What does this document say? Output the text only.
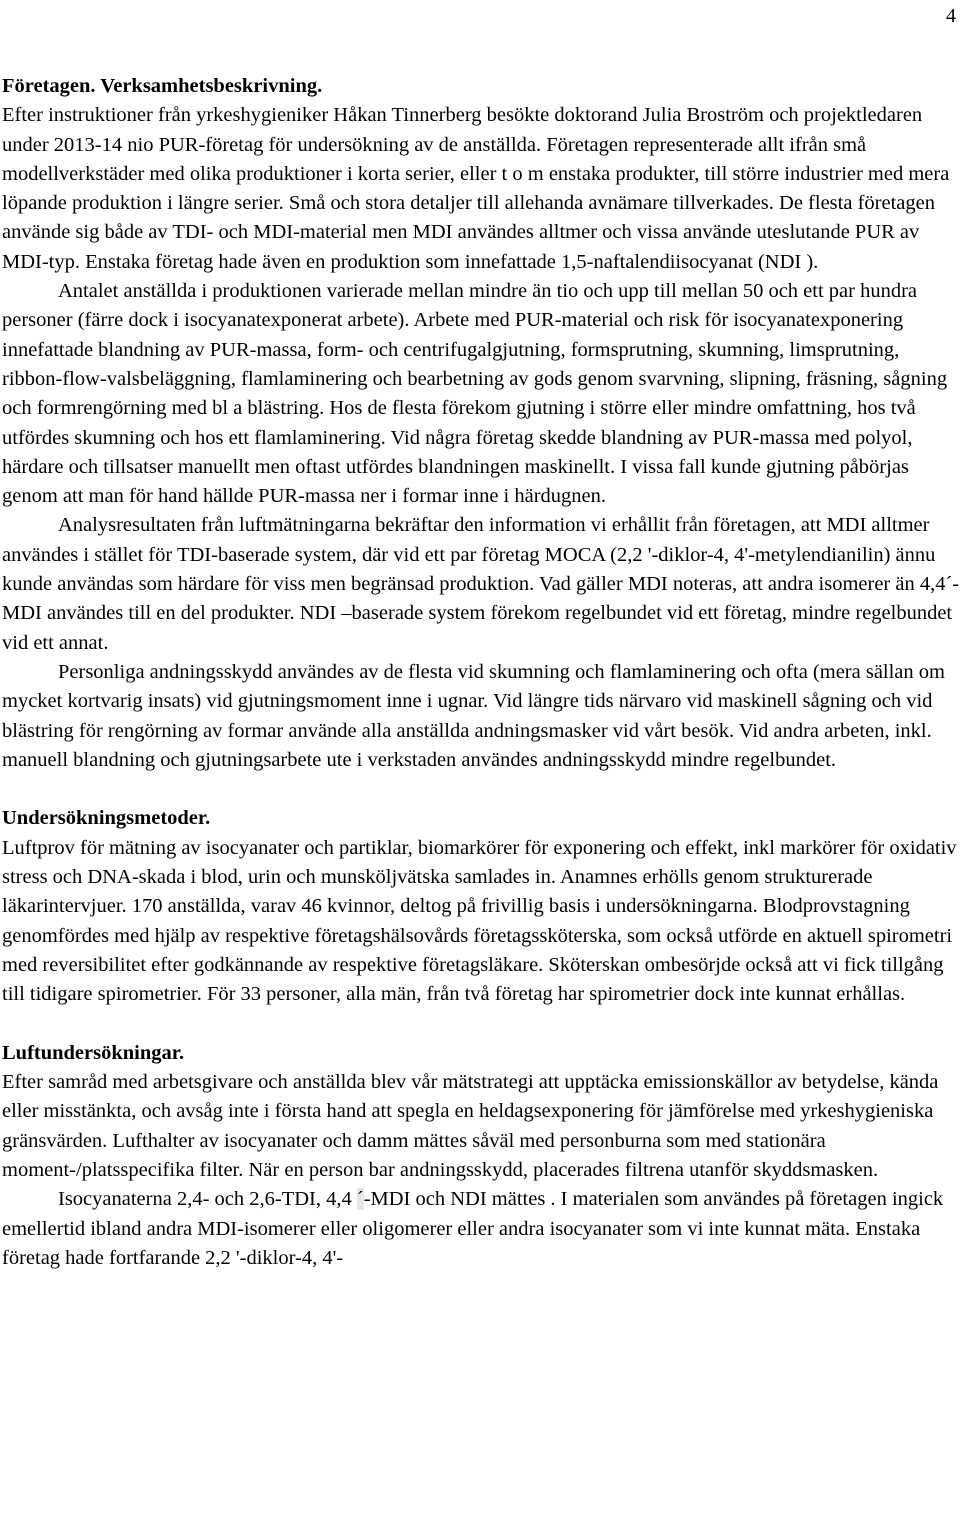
4

Företagen. Verksamhetsbeskrivning.

Efter instruktioner från yrkeshygieniker Håkan Tinnerberg besökte doktorand Julia Broström och projektledaren under 2013-14 nio PUR-företag för undersökning av de anställda. Företagen representerade allt ifrån små modellverkstäder med olika produktioner i korta serier, eller t o m enstaka produkter, till större industrier med mera löpande produktion i längre serier. Små och stora detaljer till allehanda avnämare tillverkades. De flesta företagen använde sig både av TDI- och MDI-material men MDI användes alltmer och vissa använde uteslutande PUR av MDI-typ. Enstaka företag hade även en produktion som innefattade 1,5-naftalendiisocyanat (NDI ).

Antalet anställda i produktionen varierade mellan mindre än tio och upp till mellan 50 och ett par hundra personer (färre dock i isocyanatexponerat arbete). Arbete med PUR-material och risk för isocyanatexponering innefattade blandning av PUR-massa, form- och centrifugalgjutning, formsprutning, skumning, limsprutning, ribbon-flow-valsbeläggning, flamlaminering och bearbetning av gods genom svarvning, slipning, fräsning, sågning och formrengörning med bl a blästring. Hos de flesta förekom gjutning i större eller mindre omfattning, hos två utfördes skumning och hos ett flamlaminering. Vid några företag skedde blandning av PUR-massa med polyol, härdare och tillsatser manuellt men oftast utfördes blandningen maskinellt. I vissa fall kunde gjutning påbörjas genom att man för hand hällde PUR-massa ner i formar inne i härdugnen.

Analysresultaten från luftmätningarna bekräftar den information vi erhållit från företagen, att MDI alltmer användes i stället för TDI-baserade system, där vid ett par företag MOCA (2,2 '-diklor-4, 4'-metylendianilin) ännu kunde användas som härdare för viss men begränsad produktion. Vad gäller MDI noteras, att andra isomerer än 4,4´-MDI användes till en del produkter. NDI –baserade system förekom regelbundet vid ett företag, mindre regelbundet vid ett annat.

Personliga andningsskydd användes av de flesta vid skumning och flamlaminering och ofta (mera sällan om mycket kortvarig insats) vid gjutningsmoment inne i ugnar. Vid längre tids närvaro vid maskinell sågning och vid blästring för rengörning av formar använde alla anställda andningsmasker vid vårt besök. Vid andra arbeten, inkl. manuell blandning och gjutningsarbete ute i verkstaden användes andningsskydd mindre regelbundet.

Undersökningsmetoder.

Luftprov för mätning av isocyanater och partiklar, biomarkörer för exponering och effekt, inkl markörer för oxidativ stress och DNA-skada i blod, urin och munsköljvätska samlades in. Anamnes erhölls genom strukturerade läkarintervjuer. 170 anställda, varav 46 kvinnor, deltog på frivillig basis i undersökningarna. Blodprovstagning genomfördes med hjälp av respektive företagshälsovårds företagssköterska, som också utförde en aktuell spirometri med reversibilitet efter godkännande av respektive företagsläkare. Sköterskan ombesörjde också att vi fick tillgång till tidigare spirometrier. För 33 personer, alla män, från två företag har spirometrier dock inte kunnat erhållas.

Luftundersökningar.

Efter samråd med arbetsgivare och anställda blev vår mätstrategi att upptäcka emissionskällor av betydelse, kända eller misstänkta, och avsåg inte i första hand att spegla en heldagsexponering för jämförelse med yrkeshygieniska gränsvärden. Lufthalter av isocyanater och damm mättes såväl med personburna som med stationära moment-/platsspecifika filter. När en person bar andningsskydd, placerades filtrena utanför skyddsmasken.

Isocyanaterna 2,4- och 2,6-TDI, 4,4 ´-MDI och NDI mättes . I materialen som användes på företagen ingick emellertid ibland andra MDI-isomerer eller oligomerer eller andra isocyanater som vi inte kunnat mäta. Enstaka företag hade fortfarande 2,2 '-diklor-4, 4'-
